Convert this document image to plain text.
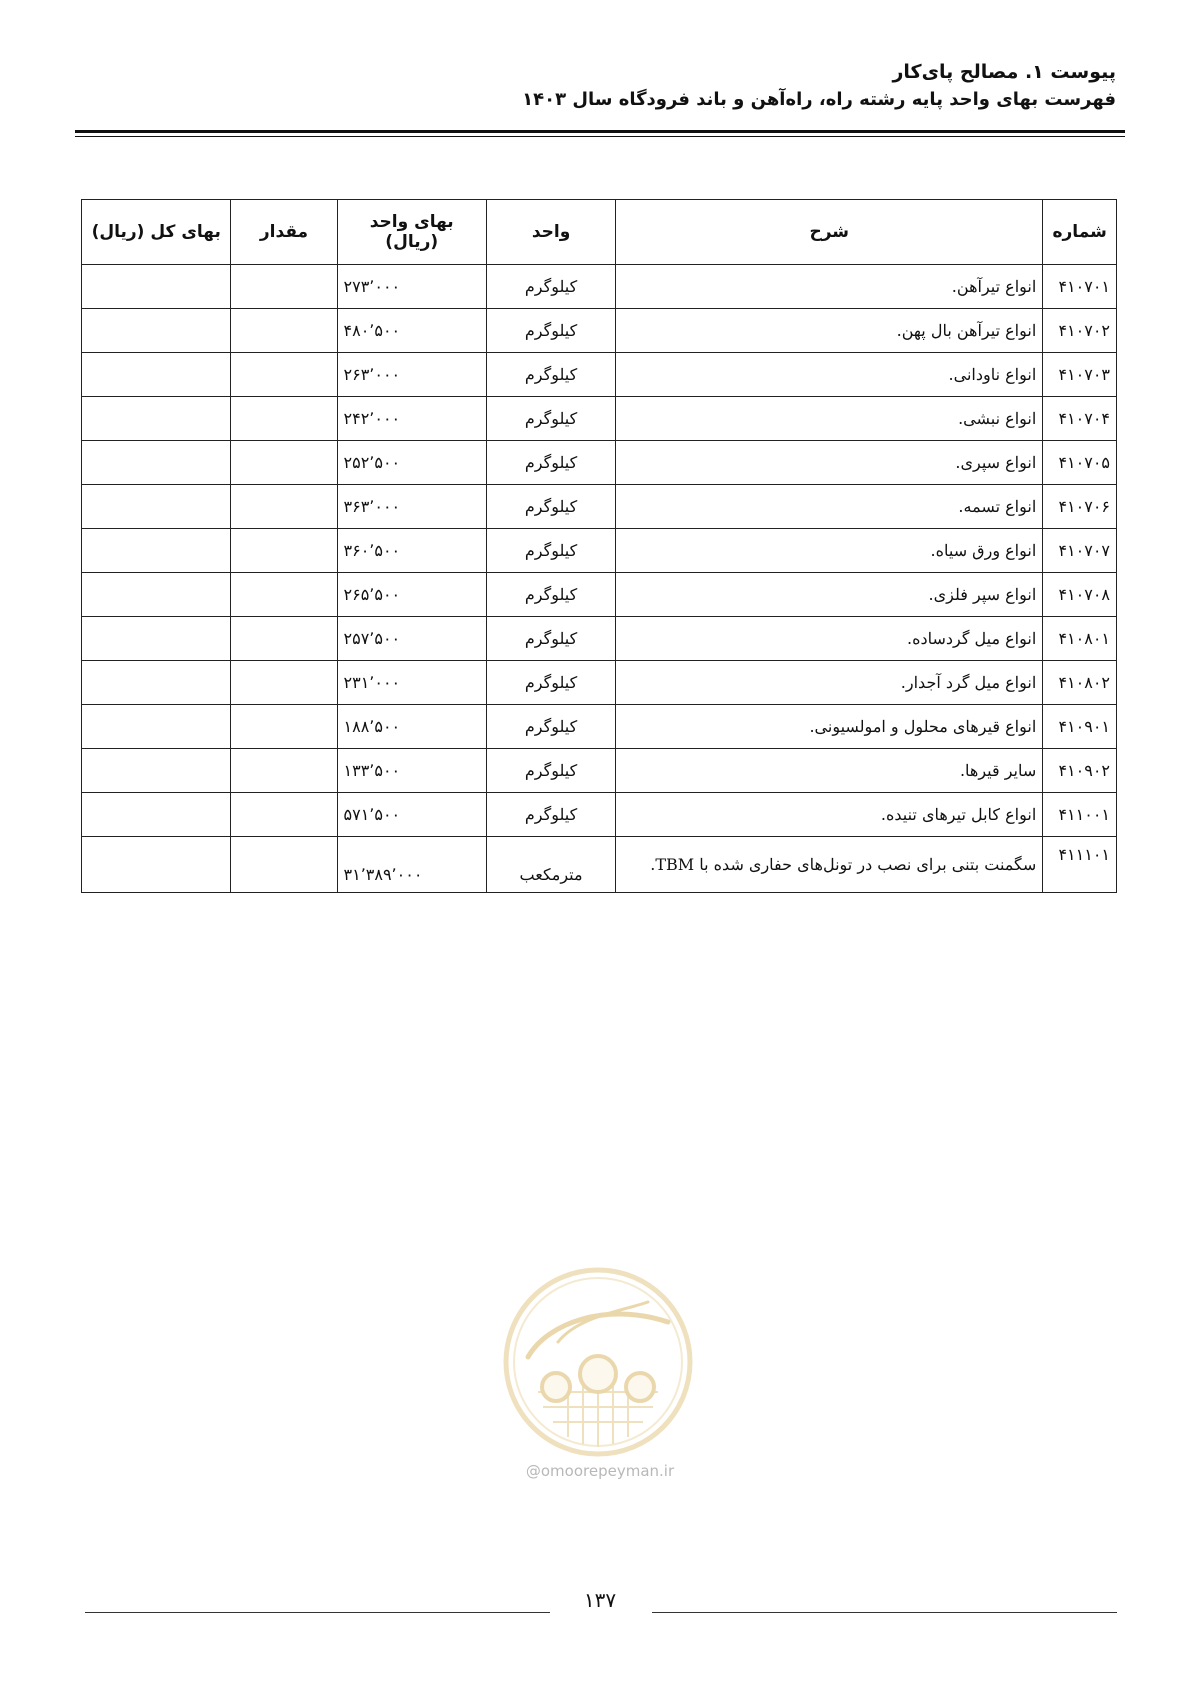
پیوست ۱. مصالح پای‌کار
فهرست بهای واحد پایه رشته راه، راه‌آهن و باند فرودگاه سال ۱۴۰۳
شماره	شرح	واحد	بهای واحد (ریال)	مقدار	بهای کل (ریال)
۴۱۰۷۰۱	انواع تیرآهن.	کیلوگرم	۲۷۳٬۰۰۰		
۴۱۰۷۰۲	انواع تیرآهن بال پهن.	کیلوگرم	۴۸۰٬۵۰۰		
۴۱۰۷۰۳	انواع ناودانی.	کیلوگرم	۲۶۳٬۰۰۰		
۴۱۰۷۰۴	انواع نبشی.	کیلوگرم	۲۴۲٬۰۰۰		
۴۱۰۷۰۵	انواع سپری.	کیلوگرم	۲۵۲٬۵۰۰		
۴۱۰۷۰۶	انواع تسمه.	کیلوگرم	۳۶۳٬۰۰۰		
۴۱۰۷۰۷	انواع ورق سیاه.	کیلوگرم	۳۶۰٬۵۰۰		
۴۱۰۷۰۸	انواع سپر فلزی.	کیلوگرم	۲۶۵٬۵۰۰		
۴۱۰۸۰۱	انواع میل گردساده.	کیلوگرم	۲۵۷٬۵۰۰		
۴۱۰۸۰۲	انواع میل گرد آجدار.	کیلوگرم	۲۳۱٬۰۰۰		
۴۱۰۹۰۱	انواع قیرهای محلول و امولسیونی.	کیلوگرم	۱۸۸٬۵۰۰		
۴۱۰۹۰۲	سایر قیرها.	کیلوگرم	۱۳۳٬۵۰۰		
۴۱۱۰۰۱	انواع کابل تیرهای تنیده.	کیلوگرم	۵۷۱٬۵۰۰		
۴۱۱۱۰۱	سگمنت بتنی برای نصب در تونل‌های حفاری شده با TBM.	مترمکعب	۳۱٬۳۸۹٬۰۰۰		
@omoorepeyman.ir
۱۳۷
